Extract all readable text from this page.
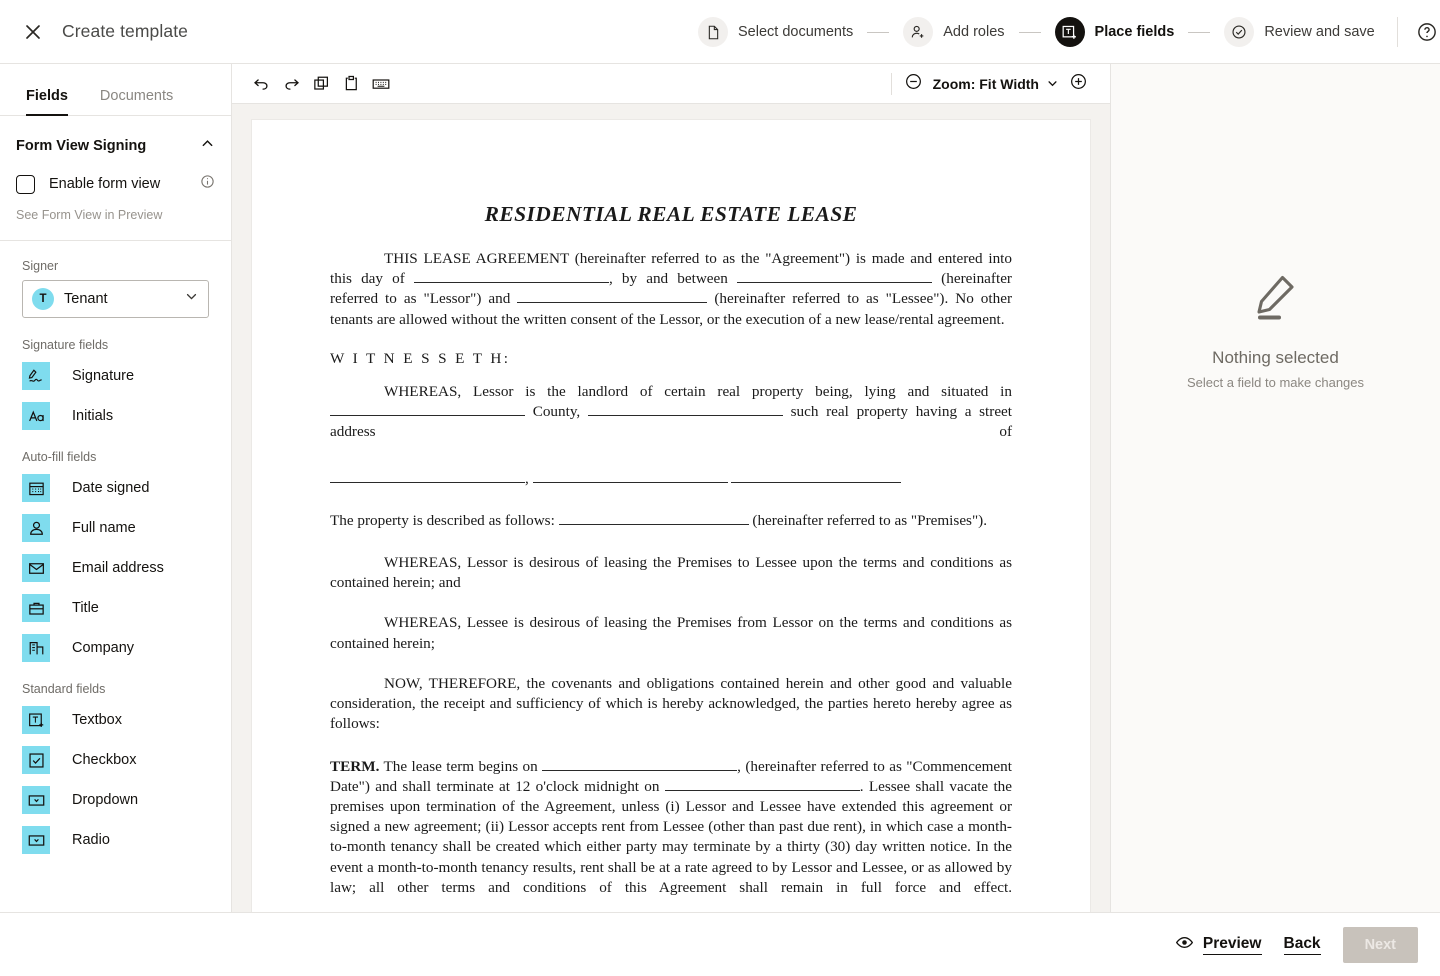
Create template	Select documents	Add roles	Place fields	Review and save
Fields Documents
Form View Signing
Enable form view
See Form View in Preview
Signer
T	Tenant
Signature fields
Signature
Initials
Auto-fill fields
Date signed
Full name
Email address
Title
Company
Standard fields
Textbox
Checkbox
Dropdown
Radio
Zoom: Fit Width
RESIDENTIAL REAL ESTATE LEASE
THIS LEASE AGREEMENT (hereinafter referred to as the "Agreement") is made and entered into this day of	, by and between	(hereinafter referred to as "Lessor") and	(hereinafter referred to as "Lessee"). No other tenants are allowed without the written consent of the Lessor, or the execution of a new lease/rental agreement.
W I T N E S S E T H:
WHEREAS, Lessor is the landlord of certain real property being, lying and situated in  County,	such real property having a street address of
,
The property is described as follows:	(hereinafter referred to as "Premises").
WHEREAS, Lessor is desirous of leasing the Premises to Lessee upon the terms and conditions as contained herein; and
WHEREAS, Lessee is desirous of leasing the Premises from Lessor on the terms and conditions as contained herein;
NOW, THEREFORE, the covenants and obligations contained herein and other good and valuable consideration, the receipt and sufficiency of which is hereby acknowledged, the parties hereto hereby agree as follows:
TERM. The lease term begins on	, (hereinafter referred to as "Commencement Date") and shall terminate at 12 o'clock midnight on	. Lessee shall vacate the premises upon termination of the Agreement, unless (i) Lessor and Lessee have extended this agreement or signed a new agreement; (ii) Lessor accepts rent from Lessee (other than past due rent), in which case a month-to-month tenancy shall be created which either party may terminate by a thirty (30) day written notice. In the event a month-to-month tenancy results, rent shall be at a rate agreed to by Lessor and Lessee, or as allowed by law; all other terms and conditions of this Agreement shall remain in full force and effect.
Nothing selected
Select a field to make changes
Preview Back	Next
